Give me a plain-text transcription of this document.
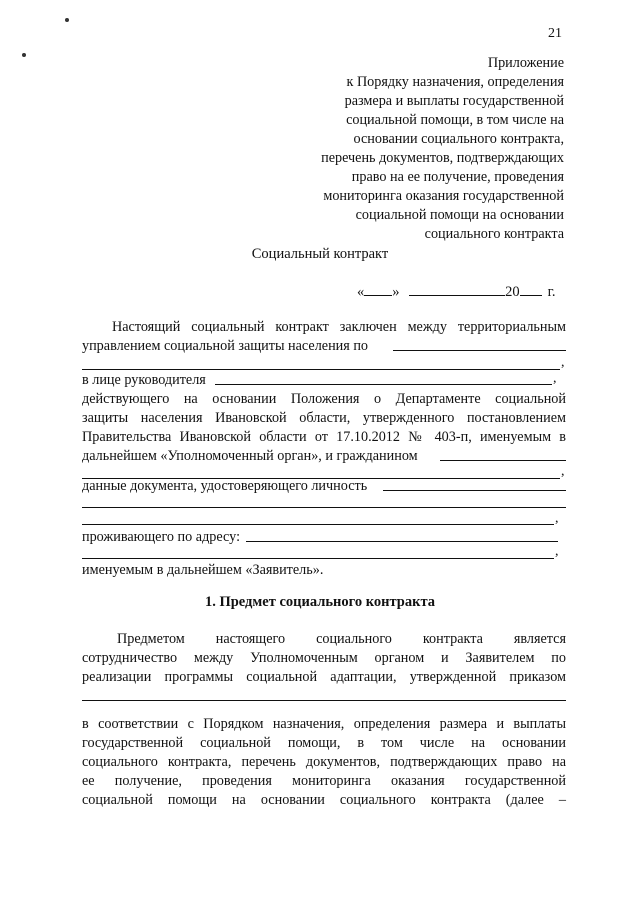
21
Приложение
к Порядку назначения, определения
размера и выплаты государственной
социальной помощи, в том числе на
основании социального контракта,
перечень документов, подтверждающих
право на ее получение, проведения
мониторинга оказания государственной
социальной помощи на основании
социального контракта
Социальный контракт
« »	20 г.
Настоящий социальный контракт заключен между территориальным
управлением социальной защиты населения по
,
в лице руководителя	,
действующего на основании Положения о Департаменте социальной
защиты населения Ивановской области, утвержденного постановлением
Правительства Ивановской области от 17.10.2012 № 403-п, именуемым в
дальнейшем «Уполномоченный орган», и гражданином
,
данные документа, удостоверяющего личность
,
проживающего по адресу:
,
именуемым в дальнейшем «Заявитель».
1. Предмет социального контракта
Предметом настоящего социального контракта является
сотрудничество между Уполномоченным органом и Заявителем по
реализации программы социальной адаптации, утвержденной приказом
в соответствии с Порядком назначения, определения размера и выплаты
государственной социальной помощи, в том числе на основании
социального контракта, перечень документов, подтверждающих право на
ее получение, проведения мониторинга оказания государственной
социальной помощи на основании социального контракта (далее –
